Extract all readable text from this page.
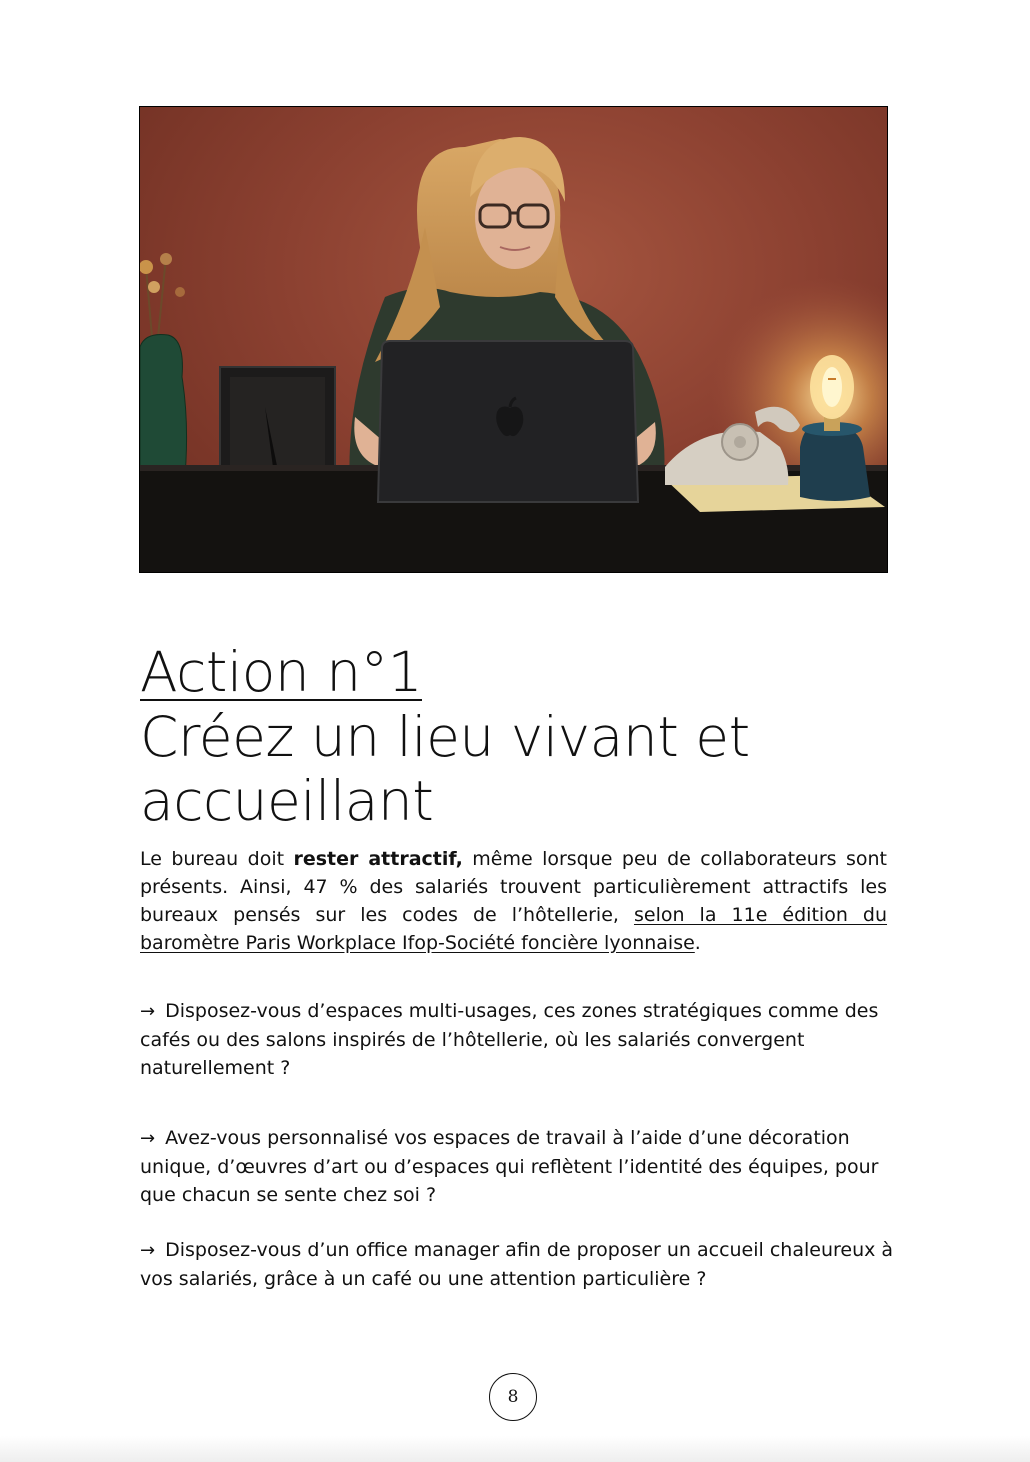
Action n°1
Créez un lieu vivant et
accueillant

Le bureau doit rester attractif, même lorsque peu de collaborateurs sont présents. Ainsi, 47 % des salariés trouvent particulièrement attractifs les bureaux pensés sur les codes de l’hôtellerie, selon la 11e édition du baromètre Paris Workplace Ifop-Société foncière lyonnaise.

→ Disposez-vous d’espaces multi-usages, ces zones stratégiques comme des cafés ou des salons inspirés de l’hôtellerie, où les salariés convergent naturellement ?

→ Avez-vous personnalisé vos espaces de travail à l’aide d’une décoration unique, d’œuvres d’art ou d’espaces qui reflètent l’identité des équipes, pour que chacun se sente chez soi ?

→ Disposez-vous d’un office manager afin de proposer un accueil chaleureux à vos salariés, grâce à un café ou une attention particulière ?

8
